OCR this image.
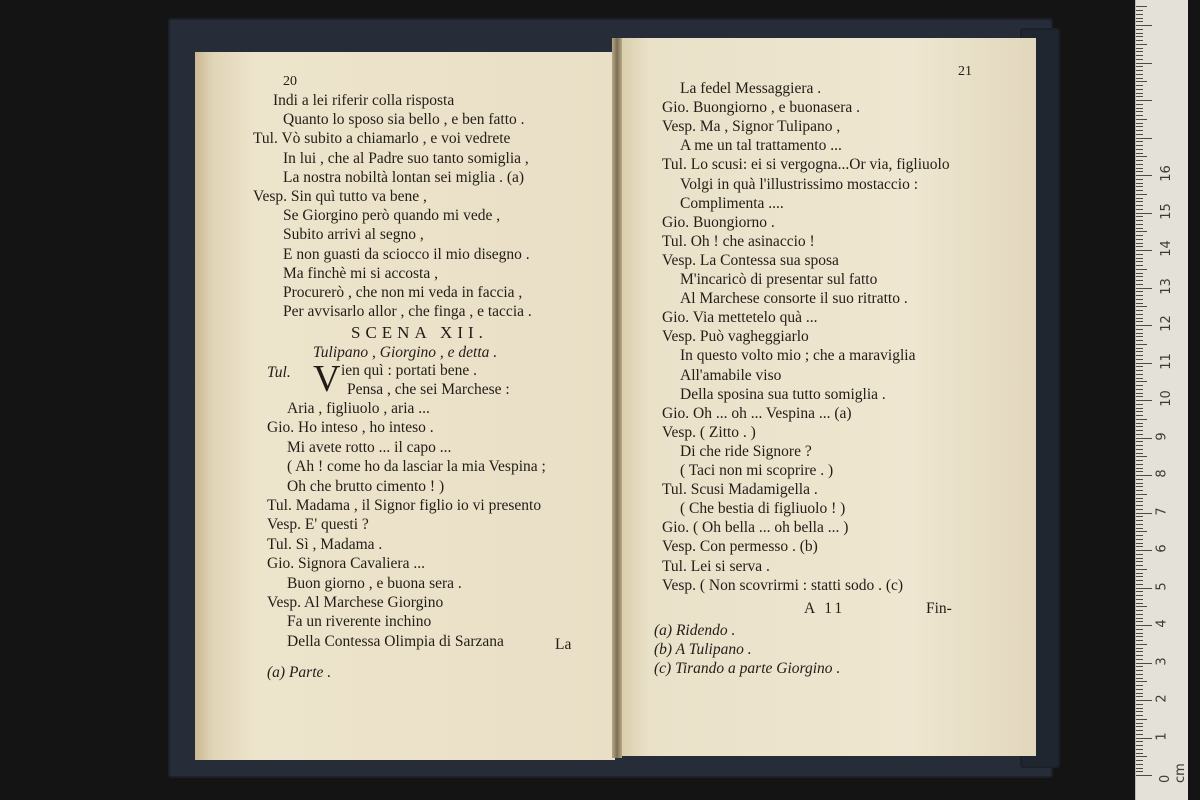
20
Indi a lei riferir colla risposta
Quanto lo sposo sia bello , e ben fatto .
Tul. Vò subito a chiamarlo , e voi vedrete
In lui , che al Padre suo tanto somiglia ,
La nostra nobiltà lontan sei miglia . (a)
Vesp. Sin quì tutto va bene ,
Se Giorgino però quando mi vede ,
Subito arrivi al segno ,
E non guasti da sciocco il mio disegno .
Ma finchè mi si accosta ,
Procurerò , che non mi veda in faccia ,
Per avvisarlo allor , che finga , e taccia .
SCENA XII.
Tulipano , Giorgino , e detta .
Tul. V ien quì : portati bene .
Pensa , che sei Marchese :
Aria , figliuolo , aria ...
Gio. Ho inteso , ho inteso .
Mi avete rotto ... il capo ...
( Ah ! come ho da lasciar la mia Vespina ;
Oh che brutto cimento ! )
Tul. Madama , il Signor figlio io vi presento
Vesp. E' questi ?
Tul. Sì , Madama .
Gio. Signora Cavaliera ...
Buon giorno , e buona sera .
Vesp. Al Marchese Giorgino
Fa un riverente inchino
Della Contessa Olimpia di Sarzana	La
(a) Parte .
21
La fedel Messaggiera .
Gio. Buongiorno , e buonasera .
Vesp. Ma , Signor Tulipano ,
A me un tal trattamento ...
Tul. Lo scusi: ei si vergogna...Or via, figliuolo
Volgi in quà l'illustrissimo mostaccio :
Complimenta ....
Gio. Buongiorno .
Tul. Oh ! che asinaccio !
Vesp. La Contessa sua sposa
M'incaricò di presentar sul fatto
Al Marchese consorte il suo ritratto .
Gio. Via mettetelo quà ...
Vesp. Può vagheggiarlo
In questo volto mio ; che a maraviglia
All'amabile viso
Della sposina sua tutto somiglia .
Gio. Oh ... oh ... Vespina ... (a)
Vesp. ( Zitto . )
Di che ride Signore ?
( Taci non mi scoprire . )
Tul. Scusi Madamigella .
( Che bestia di figliuolo ! )
Gio. ( Oh bella ... oh bella ... )
Vesp. Con permesso . (b)
Tul. Lei si serva .
Vesp. ( Non scovrirmi : statti sodo . (c)
A 11	Fin-
(a) Ridendo .
(b) A Tulipano .
(c) Tirando a parte Giorgino .
0 cm
1
2
3
4
5
6
7
8
9
10
11
12
13
14
15
16
